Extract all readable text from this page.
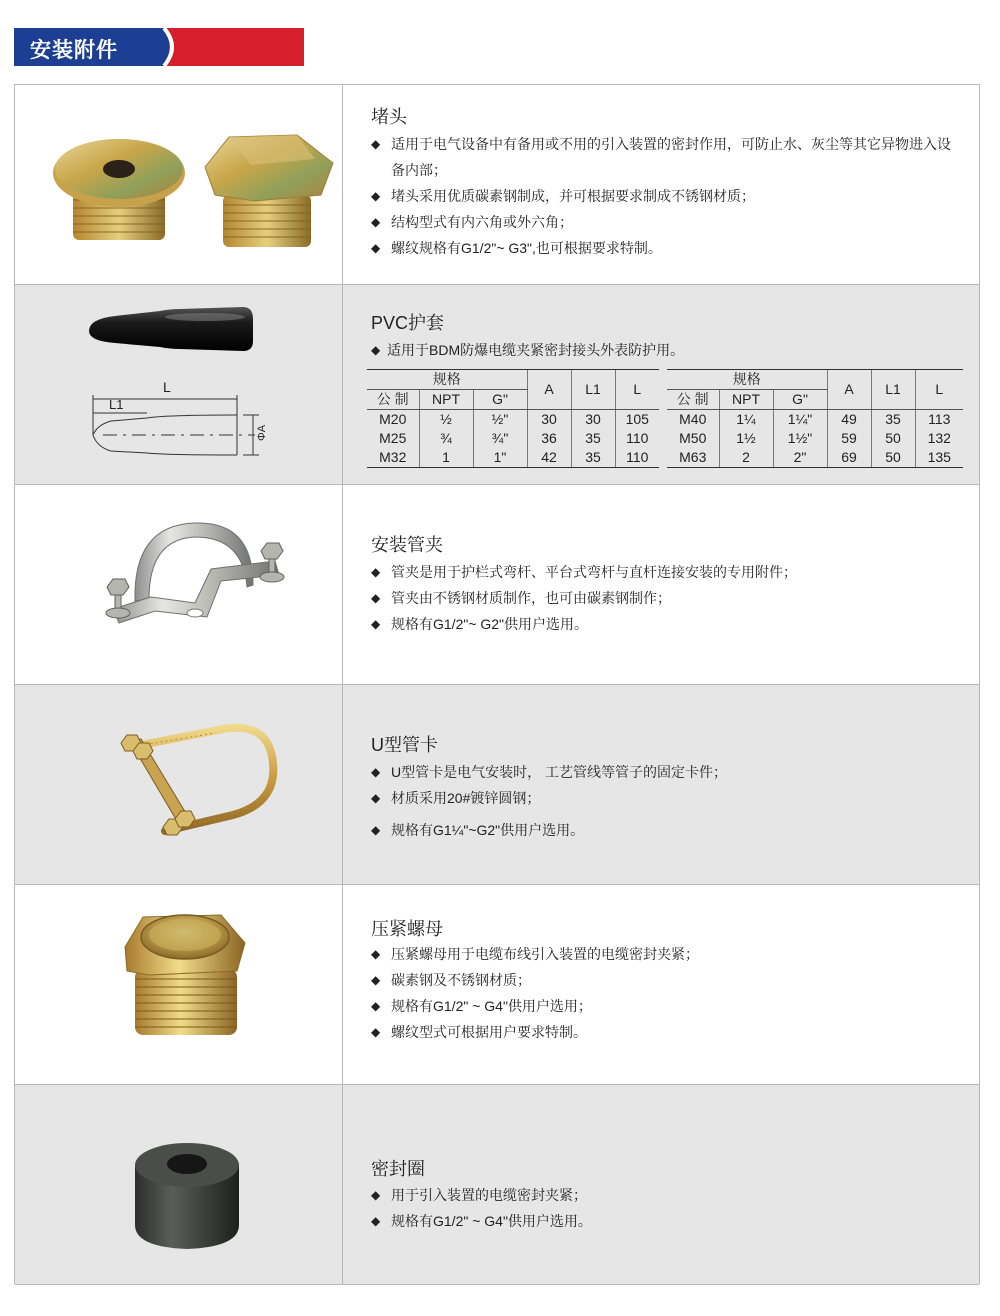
安装附件
堵头
◆ 适用于电气设备中有备用或不用的引入装置的密封作用，可防止水、灰尘等其它异物进入设备内部；
◆ 堵头采用优质碳素钢制成，并可根据要求制成不锈钢材质；
◆ 结构型式有内六角或外六角；
◆ 螺纹规格有G1/2"~ G3",也可根据要求特制。
L
L1
ΦA
PVC护套
◆ 适用于BDM防爆电缆夹紧密封接头外表防护用。
规格			A	L1	L
公 制	NPT	G"			
M20	½	½"	30	30	105
M25	¾	¾"	36	35	110
M32	1	1"	42	35	110
规格			A	L1	L
公 制	NPT	G"			
M40	1¼	1¼"	49	35	113
M50	1½	1½"	59	50	132
M63	2	2"	69	50	135
安装管夹
◆ 管夹是用于护栏式弯杆、平台式弯杆与直杆连接安装的专用附件；
◆ 管夹由不锈钢材质制作，也可由碳素钢制作；
◆ 规格有G1/2"~ G2"供用户选用。
U型管卡
◆ U型管卡是电气安装时， 工艺管线等管子的固定卡件；
◆ 材质采用20#镀锌圆钢；
◆ 规格有G1¼"~G2"供用户选用。
压紧螺母
◆ 压紧螺母用于电缆布线引入装置的电缆密封夹紧；
◆ 碳素钢及不锈钢材质；
◆ 规格有G1/2" ~ G4"供用户选用；
◆ 螺纹型式可根据用户要求特制。
密封圈
◆ 用于引入装置的电缆密封夹紧；
◆ 规格有G1/2" ~ G4"供用户选用。
